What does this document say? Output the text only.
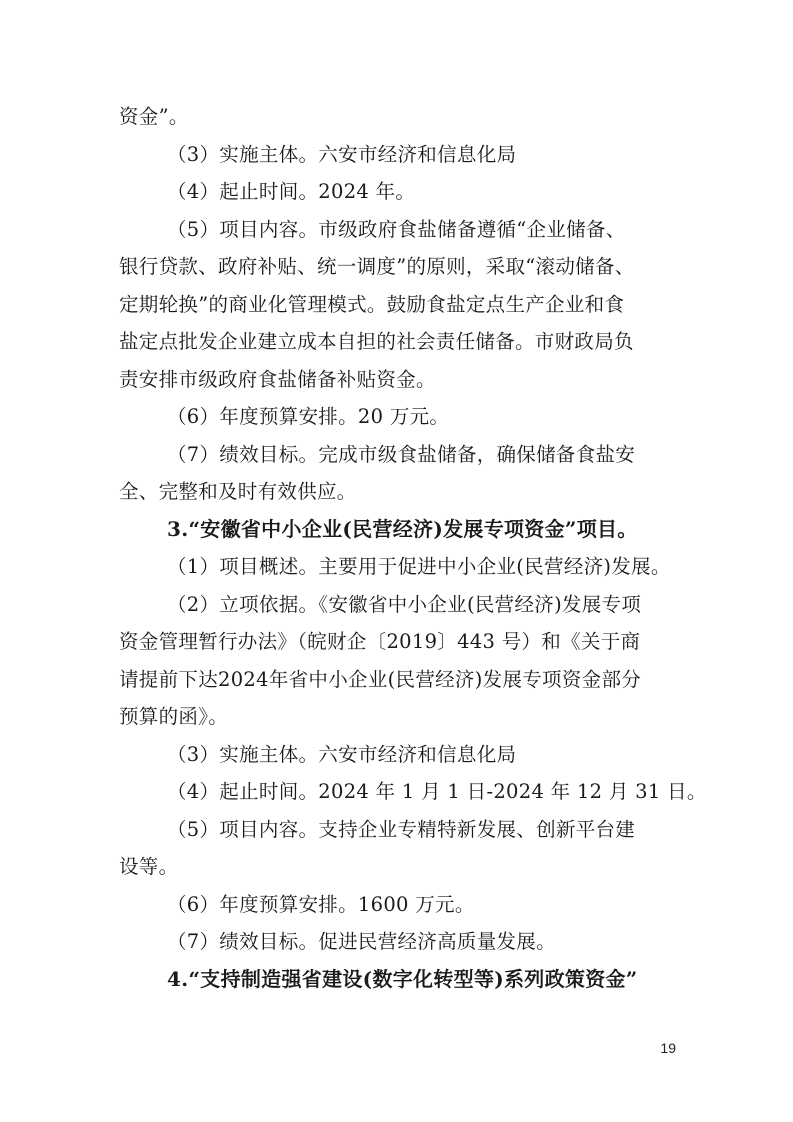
资金”。
（3）实施主体。六安市经济和信息化局
（4）起止时间。2024 年。
（5）项目内容。市级政府食盐储备遵循“企业储备、
银行贷款、政府补贴、统一调度”的原则，采取“滚动储备、
定期轮换”的商业化管理模式。鼓励食盐定点生产企业和食
盐定点批发企业建立成本自担的社会责任储备。市财政局负
责安排市级政府食盐储备补贴资金。
（6）年度预算安排。20 万元。
（7）绩效目标。完成市级食盐储备，确保储备食盐安
全、完整和及时有效供应。
3.“安徽省中小企业(民营经济)发展专项资金”项目。
（1）项目概述。主要用于促进中小企业(民营经济)发展。
（2）立项依据。《安徽省中小企业(民营经济)发展专项
资金管理暂行办法》（皖财企〔2019〕443 号）和《关于商
请提前下达2024年省中小企业(民营经济)发展专项资金部分
预算的函》。
（3）实施主体。六安市经济和信息化局
（4）起止时间。2024 年 1 月 1 日-2024 年 12 月 31 日。
（5）项目内容。支持企业专精特新发展、创新平台建
设等。
（6）年度预算安排。1600 万元。
（7）绩效目标。促进民营经济高质量发展。
4.“支持制造强省建设(数字化转型等)系列政策资金”
19
